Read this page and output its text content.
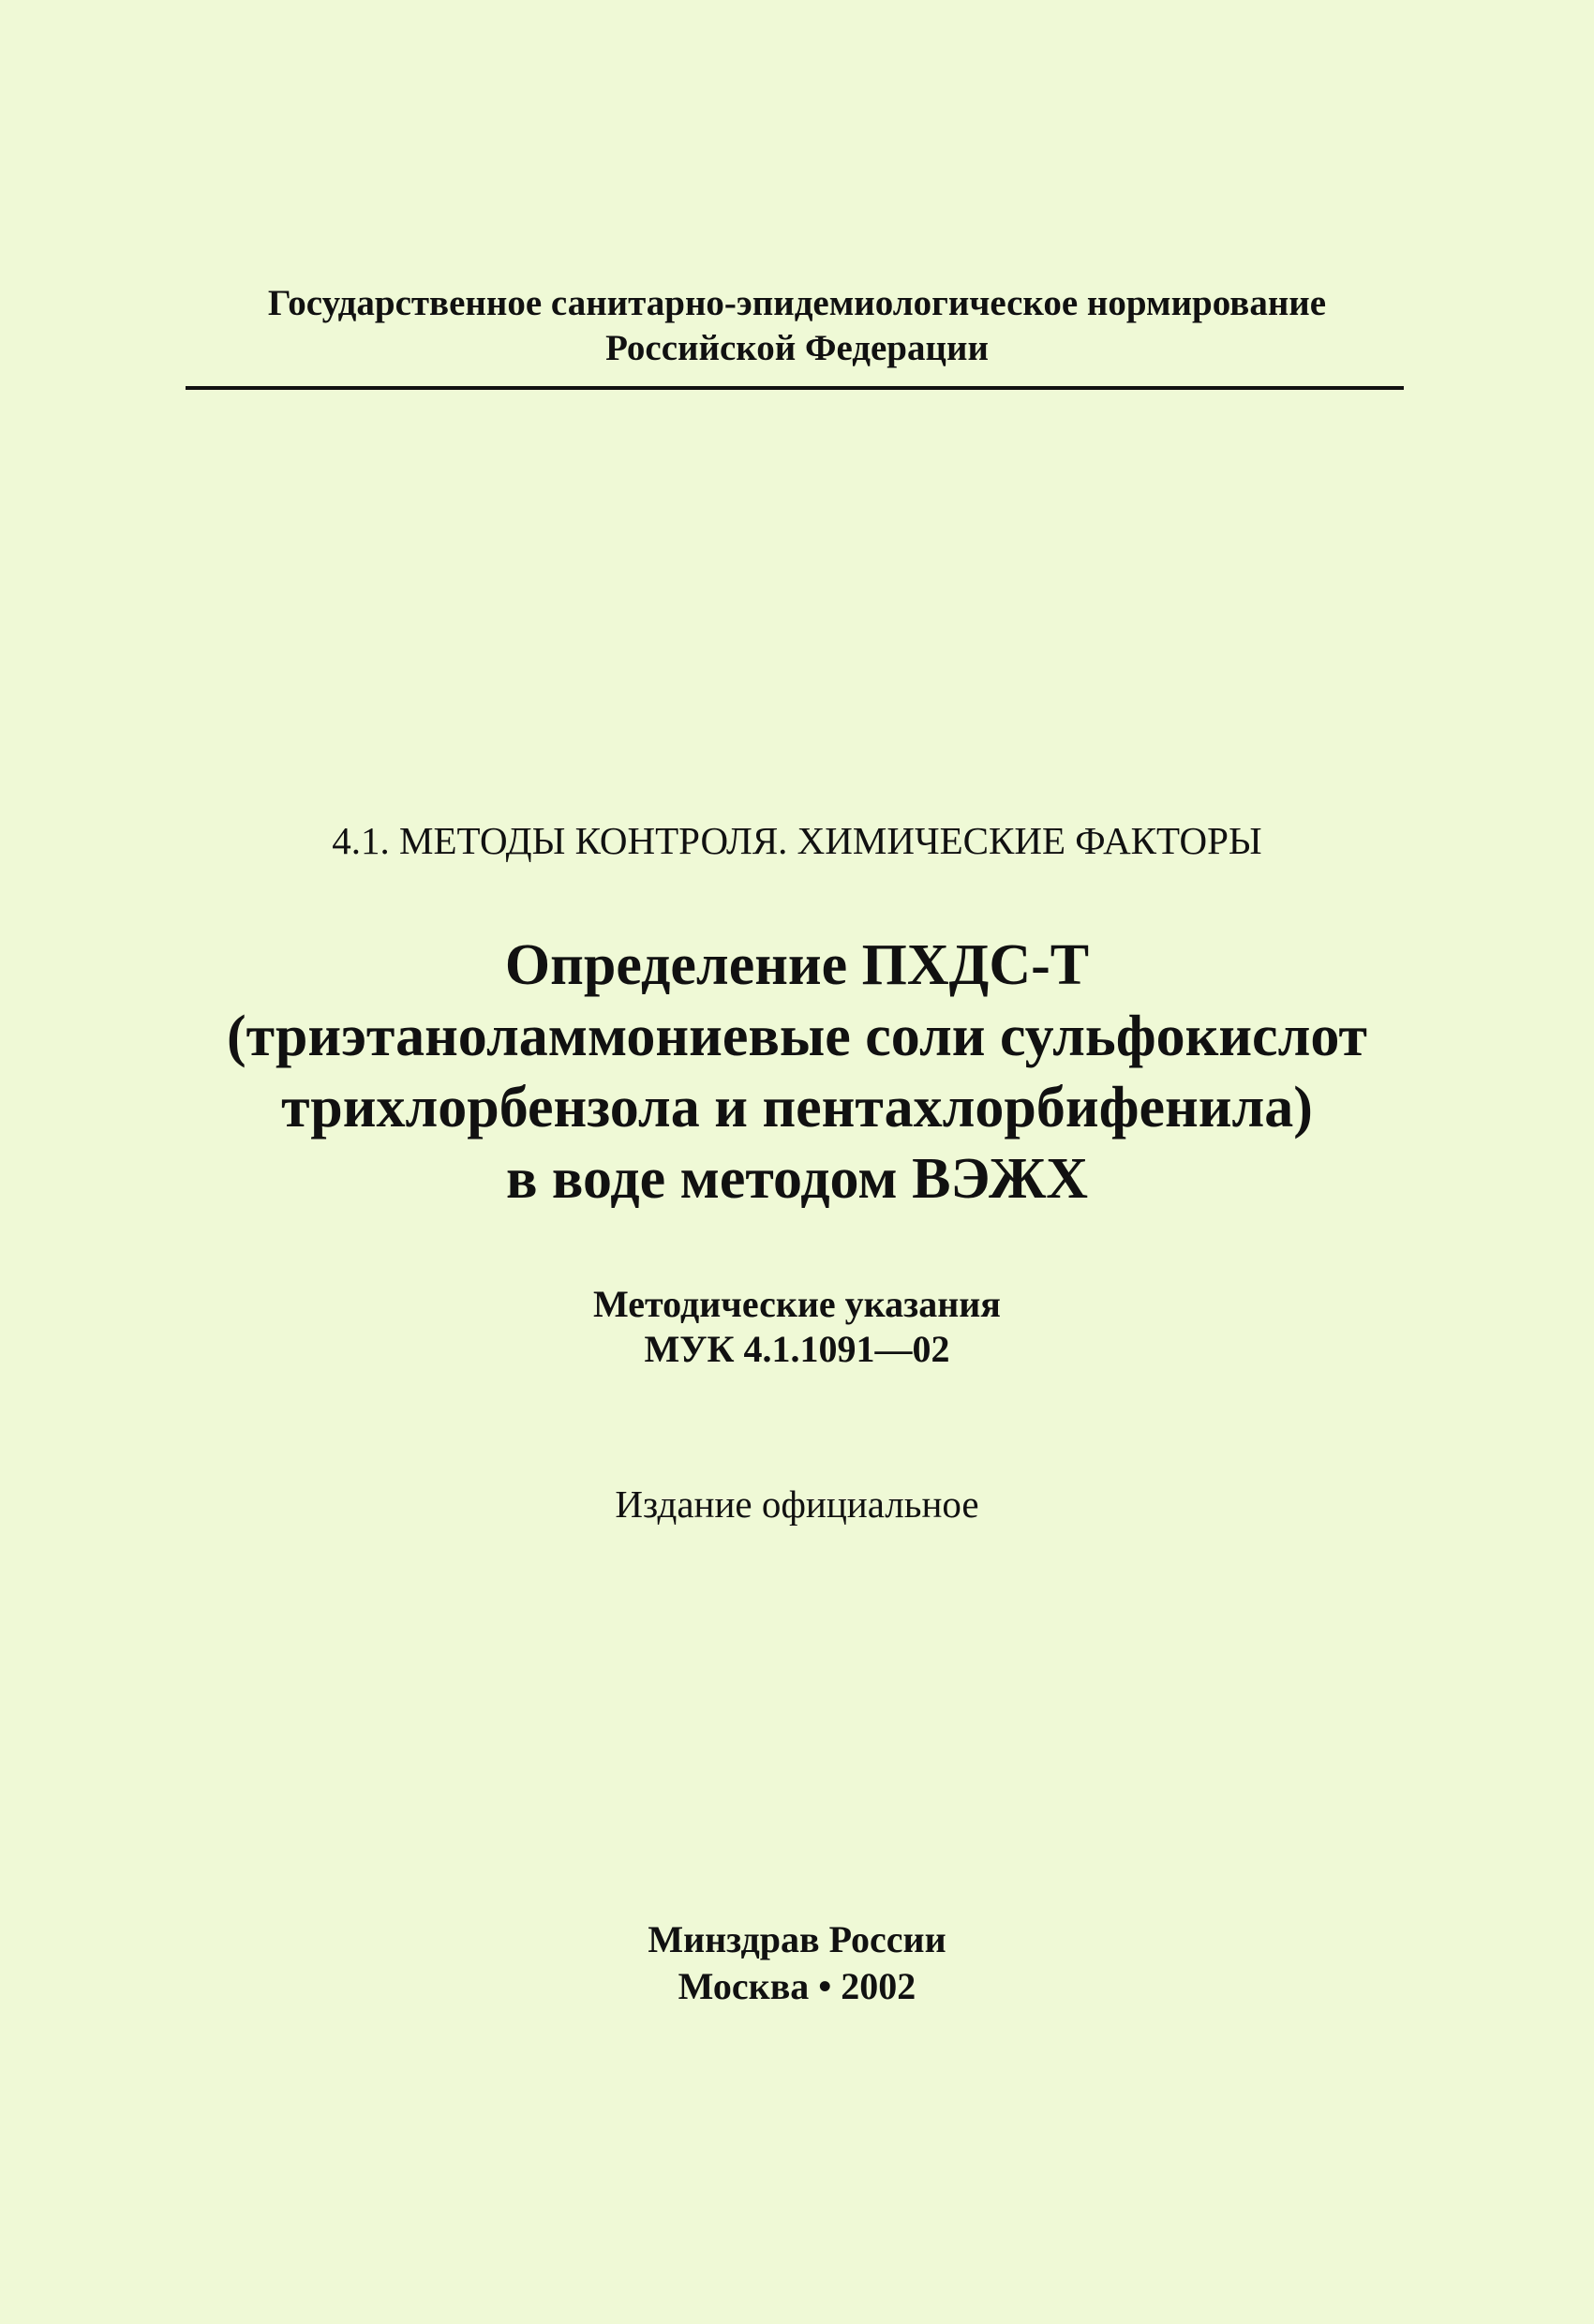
Государственное санитарно-эпидемиологическое нормирование
Российской Федерации
4.1. МЕТОДЫ КОНТРОЛЯ. ХИМИЧЕСКИЕ ФАКТОРЫ
Определение ПХДС-Т
(триэтаноламмониевые соли сульфокислот
трихлорбензола и пентахлорбифенила)
в воде методом ВЭЖХ
Методические указания
МУК 4.1.1091—02
Издание официальное
Минздрав России
Москва • 2002
